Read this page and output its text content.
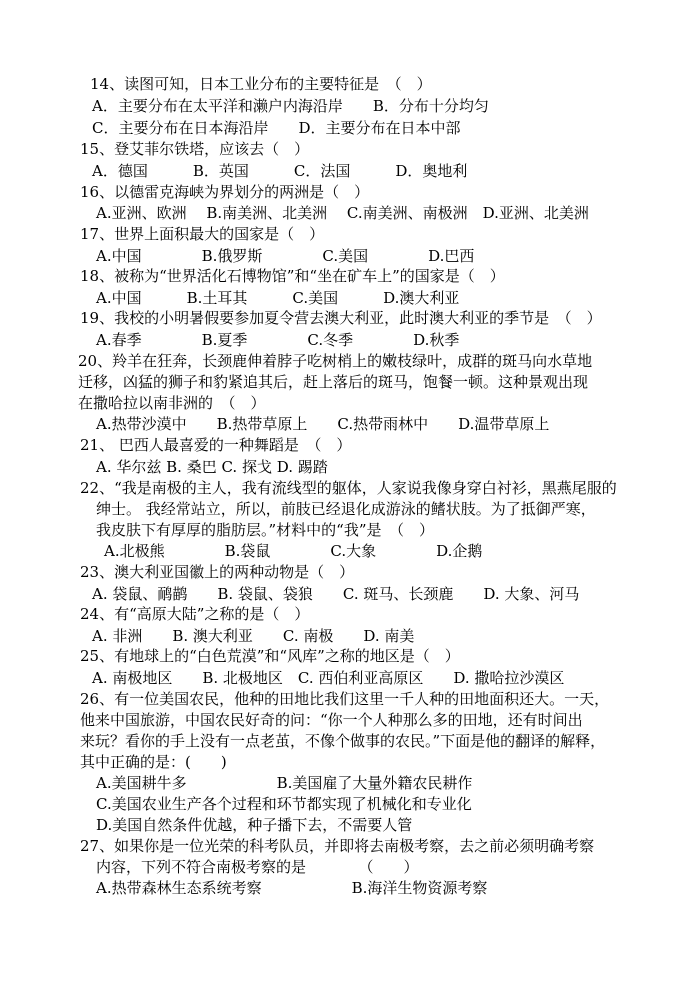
14、读图可知，日本工业分布的主要特征是　（　）
A．主要分布在太平洋和濑户内海沿岸　　B．分布十分均匀
C．主要分布在日本海沿岸　　D．主要分布在日本中部
15、登艾菲尔铁塔，应该去（　）
A．德国　　　B．英国　　　C．法国　　　D．奥地利
16、以德雷克海峡为界划分的两洲是（　）
A.亚洲、欧洲　 B.南美洲、北美洲　 C.南美洲、南极洲　D.亚洲、北美洲
17、世界上面积最大的国家是（　）
A.中国　　　　B.俄罗斯　　　　C.美国　　　　D.巴西
18、被称为“世界活化石博物馆”和“坐在矿车上”的国家是（　）
A.中国　　　B.土耳其　　　C.美国　　　D.澳大利亚
19、我校的小明暑假要参加夏令营去澳大利亚，此时澳大利亚的季节是　（　）
A.春季　　　　B.夏季　　　　C.冬季　　　　D.秋季
20、羚羊在狂奔，长颈鹿伸着脖子吃树梢上的嫩枝绿叶，成群的斑马向水草地
迁移，凶猛的狮子和豹紧追其后，赶上落后的斑马，饱餐一顿。这种景观出现
在撒哈拉以南非洲的　（　）
A.热带沙漠中　　B.热带草原上　　C.热带雨林中　　D.温带草原上
21、 巴西人最喜爱的一种舞蹈是　（　）
A. 华尔兹 B. 桑巴 C. 探戈 D. 踢踏
22、“我是南极的主人，我有流线型的躯体，人家说我像身穿白衬衫，黑燕尾服的
绅士。 我经常站立，所以，前肢已经退化成游泳的鳍状肢。为了抵御严寒，
我皮肤下有厚厚的脂肪层。”材料中的“我”是　（　）
A.北极熊　　　　B.袋鼠　　　　C.大象　　　　D.企鹅
23、澳大利亚国徽上的两种动物是（　）
A. 袋鼠、鸸鹋　　B. 袋鼠、袋狼　　C. 斑马、长颈鹿　　D. 大象、河马
24、有“高原大陆”之称的是（　）
A. 非洲　　B. 澳大利亚　　C. 南极　　D. 南美
25、有地球上的“白色荒漠”和“风库”之称的地区是（　）
A. 南极地区　　B. 北极地区　C. 西伯利亚高原区　　D. 撒哈拉沙漠区
26、有一位美国农民，他种的田地比我们这里一千人种的田地面积还大。一天，
他来中国旅游，中国农民好奇的问：“你一个人种那么多的田地，还有时间出
来玩？看你的手上没有一点老茧，不像个做事的农民。”下面是他的翻译的解释，
其中正确的是：(　　)
A.美国耕牛多　　　　　　B.美国雇了大量外籍农民耕作
C.美国农业生产各个过程和环节都实现了机械化和专业化
D.美国自然条件优越，种子播下去，不需要人管
27、如果你是一位光荣的科考队员，并即将去南极考察，去之前必须明确考察
内容，下列不符合南极考察的是　　　　（　　）
A.热带森林生态系统考察　　　　　　B.海洋生物资源考察
